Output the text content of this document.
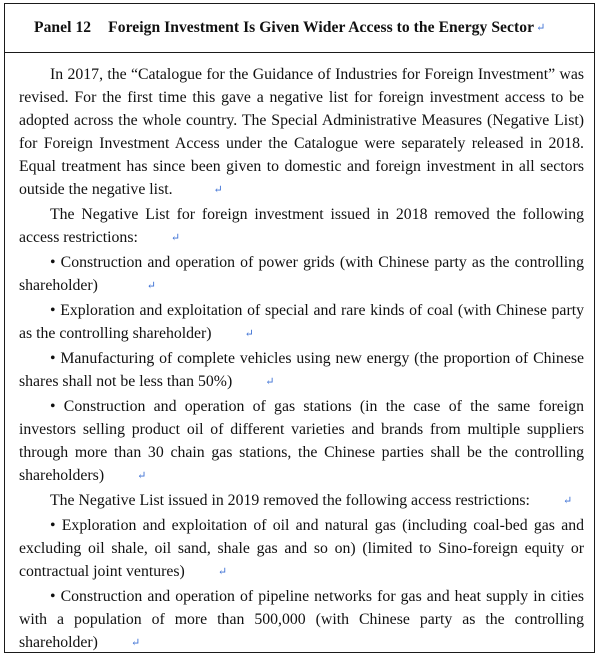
Panel 12 Foreign Investment Is Given Wider Access to the Energy Sector ↵

In 2017, the “Catalogue for the Guidance of Industries for Foreign Investment” was revised. For the first time this gave a negative list for foreign investment access to be adopted across the whole country. The Special Administrative Measures (Negative List) for Foreign Investment Access under the Catalogue were separately released in 2018. Equal treatment has since been given to domestic and foreign investment in all sectors outside the negative list.	↵

The Negative List for foreign investment issued in 2018 removed the following access restrictions:	↵

• Construction and operation of power grids (with Chinese party as the controlling shareholder)	↵

• Exploration and exploitation of special and rare kinds of coal (with Chinese party as the controlling shareholder)	↵

• Manufacturing of complete vehicles using new energy (the proportion of Chinese shares shall not be less than 50%)	↵

• Construction and operation of gas stations (in the case of the same foreign investors selling product oil of different varieties and brands from multiple suppliers through more than 30 chain gas stations, the Chinese parties shall be the controlling shareholders)	↵

The Negative List issued in 2019 removed the following access restrictions:	↵

• Exploration and exploitation of oil and natural gas (including coal-bed gas and excluding oil shale, oil sand, shale gas and so on) (limited to Sino-foreign equity or contractual joint ventures)	↵

• Construction and operation of pipeline networks for gas and heat supply in cities with a population of more than 500,000 (with Chinese party as the controlling shareholder)	↵
